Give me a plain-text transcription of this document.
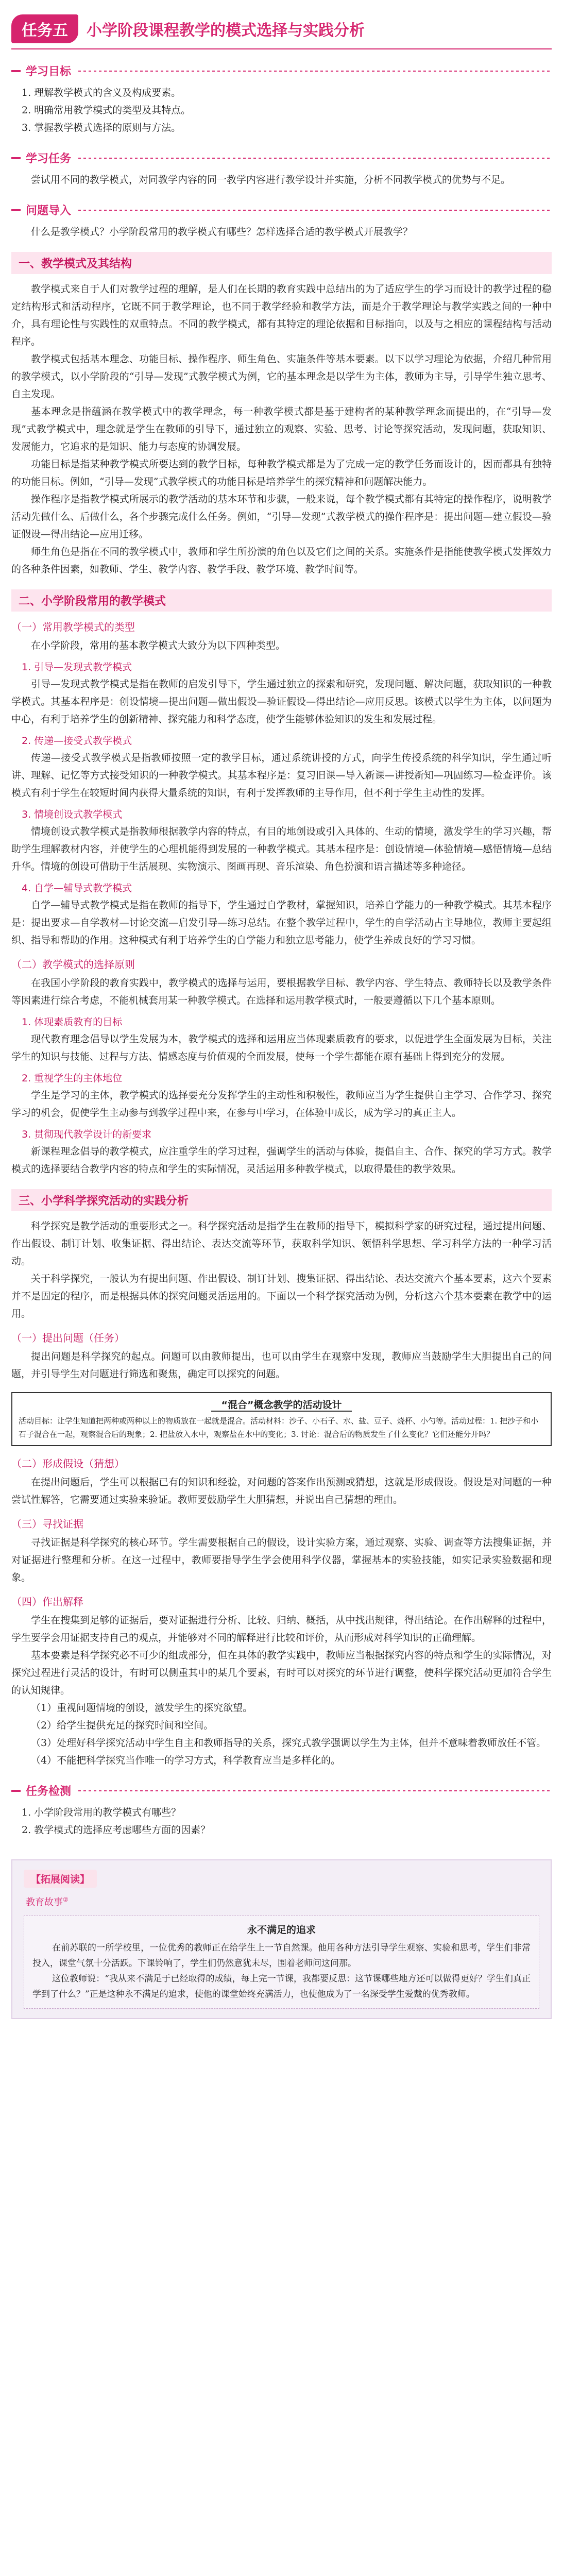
任务五	小学阶段课程教学的模式选择与实践分析
学习目标

1. 理解教学模式的含义及构成要素。

2. 明确常用教学模式的类型及其特点。

3. 掌握教学模式选择的原则与方法。

学习任务

尝试用不同的教学模式，对同教学内容的同一教学内容进行教学设计并实施，分析不同教学模式的优势与不足。

问题导入

什么是教学模式？小学阶段常用的教学模式有哪些？怎样选择合适的教学模式开展教学？

一、教学模式及其结构

教学模式来自于人们对教学过程的理解，是人们在长期的教育实践中总结出的为了适应学生的学习而设计的教学过程的稳定结构形式和活动程序，它既不同于教学理论，也不同于教学经验和教学方法，而是介于教学理论与教学实践之间的一种中介，具有理论性与实践性的双重特点。不同的教学模式，都有其特定的理论依据和目标指向，以及与之相应的课程结构与活动程序。

教学模式包括基本理念、功能目标、操作程序、师生角色、实施条件等基本要素。以下以学习理论为依据，介绍几种常用的教学模式，以小学阶段的“引导—发现”式教学模式为例，它的基本理念是以学生为主体，教师为主导，引导学生独立思考、自主发现。

基本理念是指蕴涵在教学模式中的教学理念，每一种教学模式都是基于建构者的某种教学理念而提出的，在“引导—发现”式教学模式中，理念就是学生在教师的引导下，通过独立的观察、实验、思考、讨论等探究活动，发现问题，获取知识、发展能力，它追求的是知识、能力与态度的协调发展。

功能目标是指某种教学模式所要达到的教学目标，每种教学模式都是为了完成一定的教学任务而设计的，因而都具有独特的功能目标。例如，“引导—发现”式教学模式的功能目标是培养学生的探究精神和问题解决能力。

操作程序是指教学模式所展示的教学活动的基本环节和步骤，一般来说，每个教学模式都有其特定的操作程序，说明教学活动先做什么、后做什么，各个步骤完成什么任务。例如，“引导—发现”式教学模式的操作程序是：提出问题—建立假设—验证假设—得出结论—应用迁移。

师生角色是指在不同的教学模式中，教师和学生所扮演的角色以及它们之间的关系。实施条件是指能使教学模式发挥效力的各种条件因素，如教师、学生、教学内容、教学手段、教学环境、教学时间等。

二、小学阶段常用的教学模式
（一）常用教学模式的类型

在小学阶段，常用的基本教学模式大致分为以下四种类型。

1. 引导—发现式教学模式

引导—发现式教学模式是指在教师的启发引导下，学生通过独立的探索和研究，发现问题、解决问题，获取知识的一种教学模式。其基本程序是：创设情境—提出问题—做出假设—验证假设—得出结论—应用反思。该模式以学生为主体，以问题为中心，有利于培养学生的创新精神、探究能力和科学态度，使学生能够体验知识的发生和发展过程。

2. 传递—接受式教学模式

传递—接受式教学模式是指教师按照一定的教学目标，通过系统讲授的方式，向学生传授系统的科学知识，学生通过听讲、理解、记忆等方式接受知识的一种教学模式。其基本程序是：复习旧课—导入新课—讲授新知—巩固练习—检查评价。该模式有利于学生在较短时间内获得大量系统的知识，有利于发挥教师的主导作用，但不利于学生主动性的发挥。

3. 情境创设式教学模式

情境创设式教学模式是指教师根据教学内容的特点，有目的地创设或引入具体的、生动的情境，激发学生的学习兴趣，帮助学生理解教材内容，并使学生的心理机能得到发展的一种教学模式。其基本程序是：创设情境—体验情境—感悟情境—总结升华。情境的创设可借助于生活展现、实物演示、图画再现、音乐渲染、角色扮演和语言描述等多种途径。

4. 自学—辅导式教学模式

自学—辅导式教学模式是指在教师的指导下，学生通过自学教材，掌握知识，培养自学能力的一种教学模式。其基本程序是：提出要求—自学教材—讨论交流—启发引导—练习总结。在整个教学过程中，学生的自学活动占主导地位，教师主要起组织、指导和帮助的作用。这种模式有利于培养学生的自学能力和独立思考能力，使学生养成良好的学习习惯。

（二）教学模式的选择原则

在我国小学阶段的教育实践中，教学模式的选择与运用，要根据教学目标、教学内容、学生特点、教师特长以及教学条件等因素进行综合考虑，不能机械套用某一种教学模式。在选择和运用教学模式时，一般要遵循以下几个基本原则。

1. 体现素质教育的目标

现代教育理念倡导以学生发展为本，教学模式的选择和运用应当体现素质教育的要求，以促进学生全面发展为目标，关注学生的知识与技能、过程与方法、情感态度与价值观的全面发展，使每一个学生都能在原有基础上得到充分的发展。

2. 重视学生的主体地位

学生是学习的主体，教学模式的选择要充分发挥学生的主动性和积极性，教师应当为学生提供自主学习、合作学习、探究学习的机会，促使学生主动参与到教学过程中来，在参与中学习，在体验中成长，成为学习的真正主人。

3. 贯彻现代教学设计的新要求

新课程理念倡导的教学模式，应注重学生的学习过程，强调学生的活动与体验，提倡自主、合作、探究的学习方式。教学模式的选择要结合教学内容的特点和学生的实际情况，灵活运用多种教学模式，以取得最佳的教学效果。

三、小学科学探究活动的实践分析

科学探究是教学活动的重要形式之一。科学探究活动是指学生在教师的指导下，模拟科学家的研究过程，通过提出问题、作出假设、制订计划、收集证据、得出结论、表达交流等环节，获取科学知识、领悟科学思想、学习科学方法的一种学习活动。

关于科学探究，一般认为有提出问题、作出假设、制订计划、搜集证据、得出结论、表达交流六个基本要素，这六个要素并不是固定的程序，而是根据具体的探究问题灵活运用的。下面以一个科学探究活动为例，分析这六个基本要素在教学中的运用。

（一）提出问题（任务）

提出问题是科学探究的起点。问题可以由教师提出，也可以由学生在观察中发现，教师应当鼓励学生大胆提出自己的问题，并引导学生对问题进行筛选和聚焦，确定可以探究的问题。

“混合”概念教学的活动设计
活动目标：让学生知道把两种或两种以上的物质放在一起就是混合。活动材料：沙子、小石子、水、盐、豆子、烧杯、小勺等。活动过程：1. 把沙子和小石子混合在一起，观察混合后的现象；2. 把盐放入水中，观察盐在水中的变化；3. 讨论：混合后的物质发生了什么变化？它们还能分开吗？
（二）形成假设（猜想）

在提出问题后，学生可以根据已有的知识和经验，对问题的答案作出预测或猜想，这就是形成假设。假设是对问题的一种尝试性解答，它需要通过实验来验证。教师要鼓励学生大胆猜想，并说出自己猜想的理由。

（三）寻找证据

寻找证据是科学探究的核心环节。学生需要根据自己的假设，设计实验方案，通过观察、实验、调查等方法搜集证据，并对证据进行整理和分析。在这一过程中，教师要指导学生学会使用科学仪器，掌握基本的实验技能，如实记录实验数据和现象。

（四）作出解释

学生在搜集到足够的证据后，要对证据进行分析、比较、归纳、概括，从中找出规律，得出结论。在作出解释的过程中，学生要学会用证据支持自己的观点，并能够对不同的解释进行比较和评价，从而形成对科学知识的正确理解。

基本要素是科学探究必不可少的组成部分，但在具体的教学实践中，教师应当根据探究内容的特点和学生的实际情况，对探究过程进行灵活的设计，有时可以侧重其中的某几个要素，有时可以对探究的环节进行调整，使科学探究活动更加符合学生的认知规律。

（1）重视问题情境的创设，激发学生的探究欲望。

（2）给学生提供充足的探究时间和空间。

（3）处理好科学探究活动中学生自主和教师指导的关系，探究式教学强调以学生为主体，但并不意味着教师放任不管。

（4）不能把科学探究当作唯一的学习方式，科学教育应当是多样化的。

任务检测

1. 小学阶段常用的教学模式有哪些？

2. 教学模式的选择应考虑哪些方面的因素？

【拓展阅读】
教育故事②
永不满足的追求

在前苏联的一所学校里，一位优秀的教师正在给学生上一节自然课。他用各种方法引导学生观察、实验和思考，学生们非常投入，课堂气氛十分活跃。下课铃响了，学生们仍然意犹未尽，围着老师问这问那。

这位教师说：“我从来不满足于已经取得的成绩，每上完一节课，我都要反思：这节课哪些地方还可以做得更好？学生们真正学到了什么？”正是这种永不满足的追求，使他的课堂始终充满活力，也使他成为了一名深受学生爱戴的优秀教师。
